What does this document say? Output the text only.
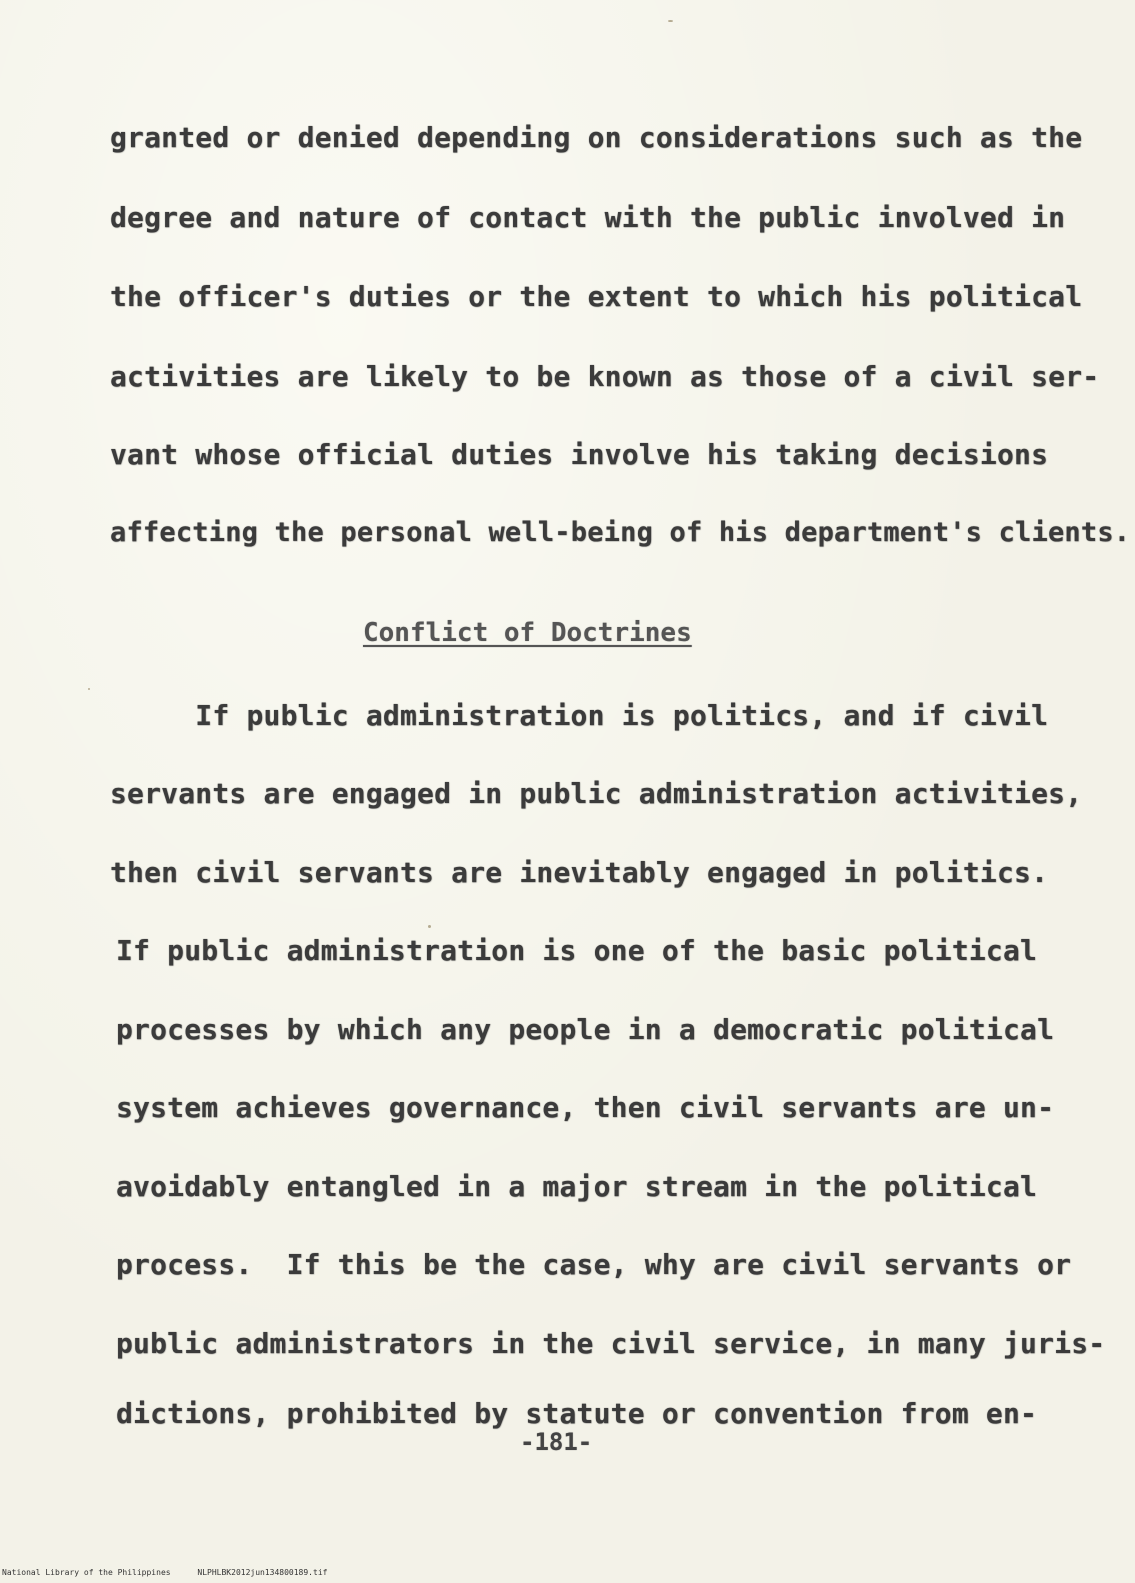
granted or denied depending on considerations such as the
degree and nature of contact with the public involved in
the officer's duties or the extent to which his political
activities are likely to be known as those of a civil ser-
vant whose official duties involve his taking decisions
affecting the personal well-being of his department's clients.
Conflict of Doctrines
If public administration is politics, and if civil
servants are engaged in public administration activities,
then civil servants are inevitably engaged in politics.
If public administration is one of the basic political
processes by which any people in a democratic political
system achieves governance, then civil servants are un-
avoidably entangled in a major stream in the political
process.  If this be the case, why are civil servants or
public administrators in the civil service, in many juris-
dictions, prohibited by statute or convention from en-
-181-
National Library of the Philippines	NLPHLBK2012jun134800189.tif
